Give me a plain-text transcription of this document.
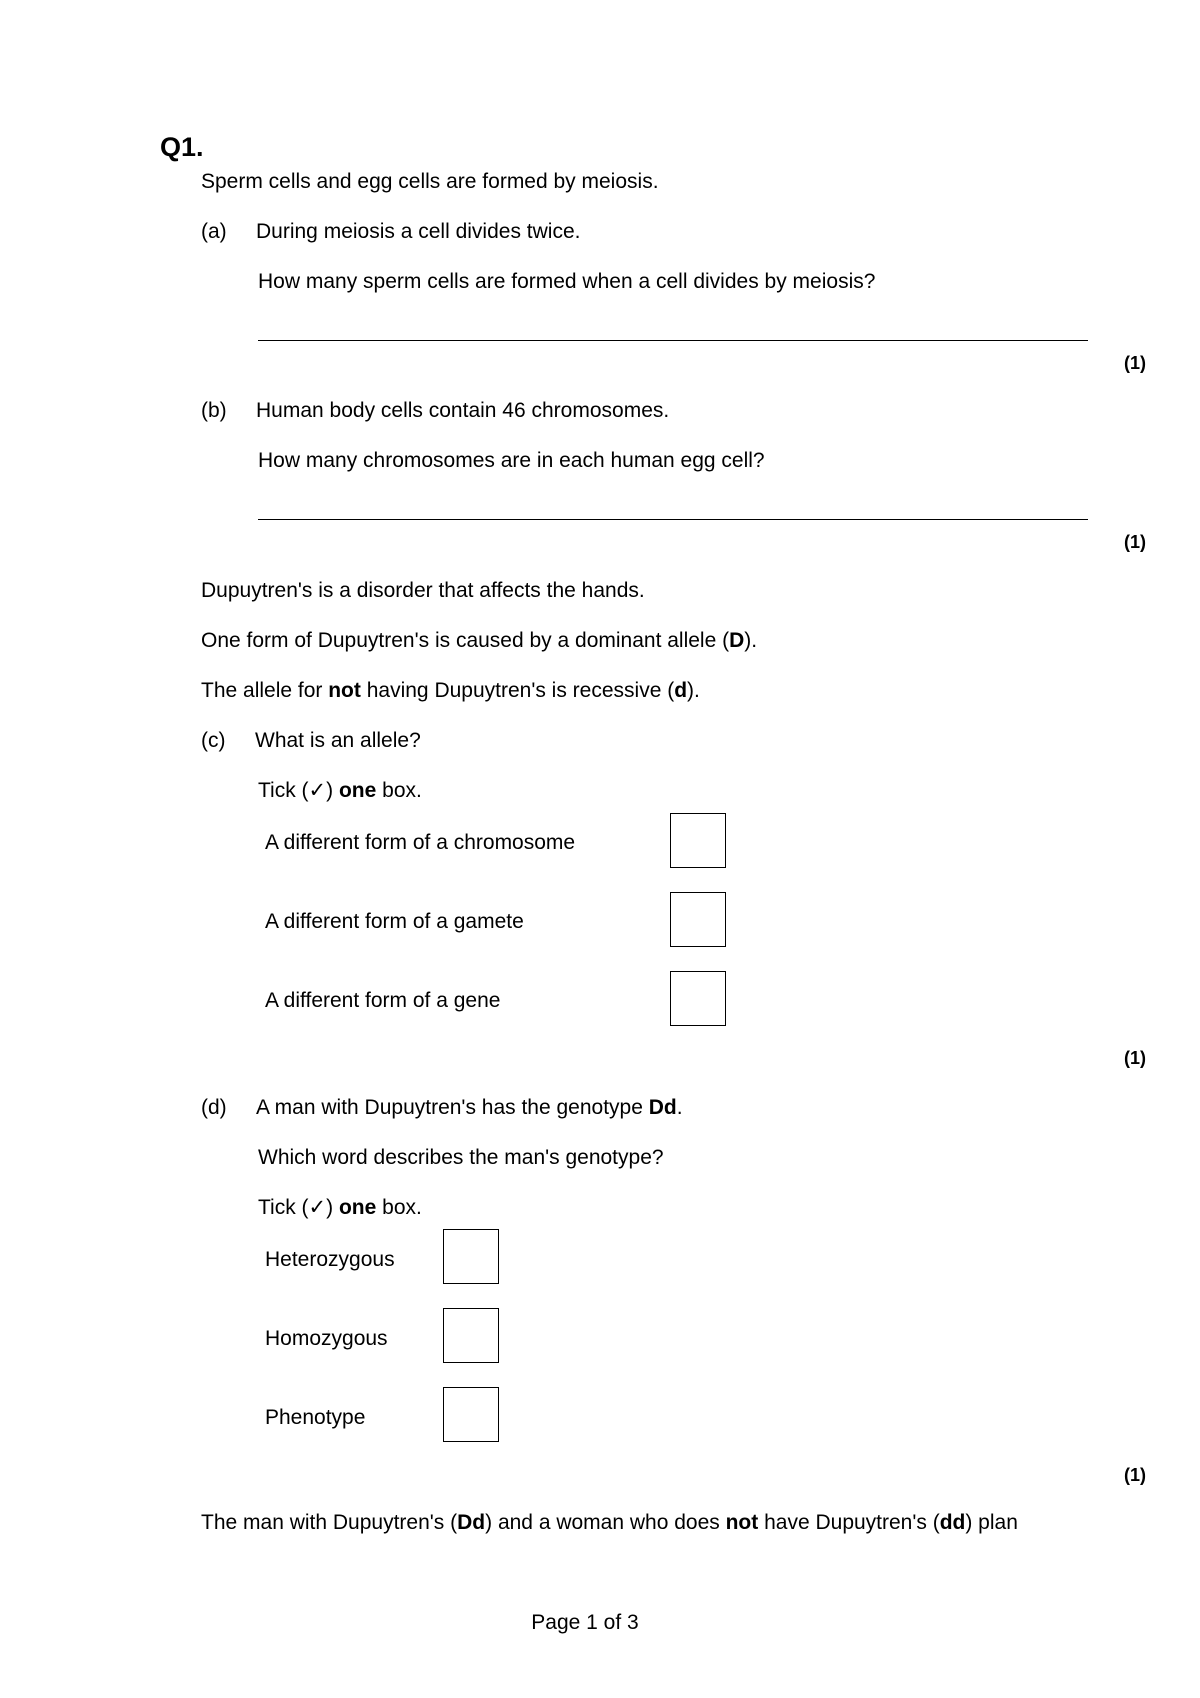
Q1.
Sperm cells and egg cells are formed by meiosis.
(a) During meiosis a cell divides twice.
How many sperm cells are formed when a cell divides by meiosis?
(1)
(b) Human body cells contain 46 chromosomes.
How many chromosomes are in each human egg cell?
(1)
Dupuytren's is a disorder that affects the hands.
One form of Dupuytren's is caused by a dominant allele (D).
The allele for not having Dupuytren's is recessive (d).
(c) What is an allele?
Tick (✓) one box.
A different form of a chromosome
A different form of a gamete
A different form of a gene
(1)
(d) A man with Dupuytren's has the genotype Dd.
Which word describes the man's genotype?
Tick (✓) one box.
Heterozygous
Homozygous
Phenotype
(1)
The man with Dupuytren's (Dd) and a woman who does not have Dupuytren's (dd) plan
Page 1 of 3
